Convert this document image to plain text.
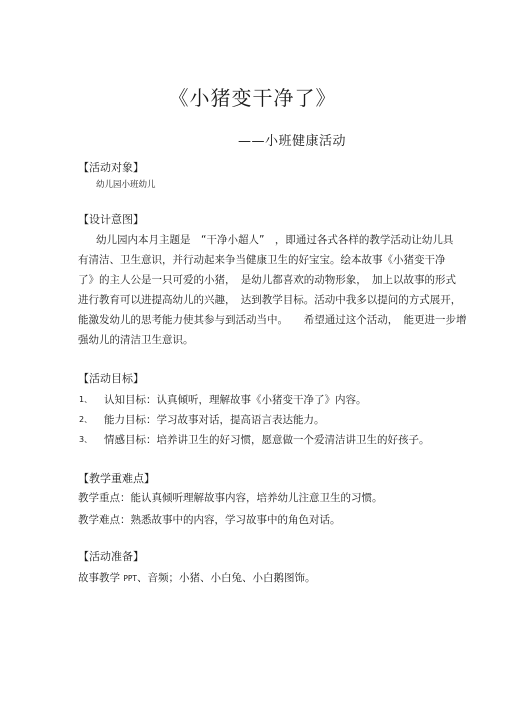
《小猪变干净了》
——小班健康活动
【活动对象】
幼儿园小班幼儿
【设计意图】
幼儿园内本月主题是　“干净小超人”　，即通过各式各样的教学活动让幼儿具
有清洁、卫生意识，并行动起来争当健康卫生的好宝宝。绘本故事《小猪变干净
了》的主人公是一只可爱的小猪，　是幼儿都喜欢的动物形象，　加上以故事的形式
进行教育可以进提高幼儿的兴趣，　达到教学目标。活动中我多以提问的方式展开，
能激发幼儿的思考能力使其参与到活动当中。　　希望通过这个活动，　能更进一步增
强幼儿的清洁卫生意识。
【活动目标】
1、 认知目标：认真倾听，理解故事《小猪变干净了》内容。
2、 能力目标：学习故事对话，提高语言表达能力。
3、 情感目标：培养讲卫生的好习惯，愿意做一个爱清洁讲卫生的好孩子。
【教学重难点】
教学重点：能认真倾听理解故事内容，培养幼儿注意卫生的习惯。
教学难点：熟悉故事中的内容，学习故事中的角色对话。
【活动准备】
故事教学 PPT、音频；小猪、小白兔、小白鹅图饰。
